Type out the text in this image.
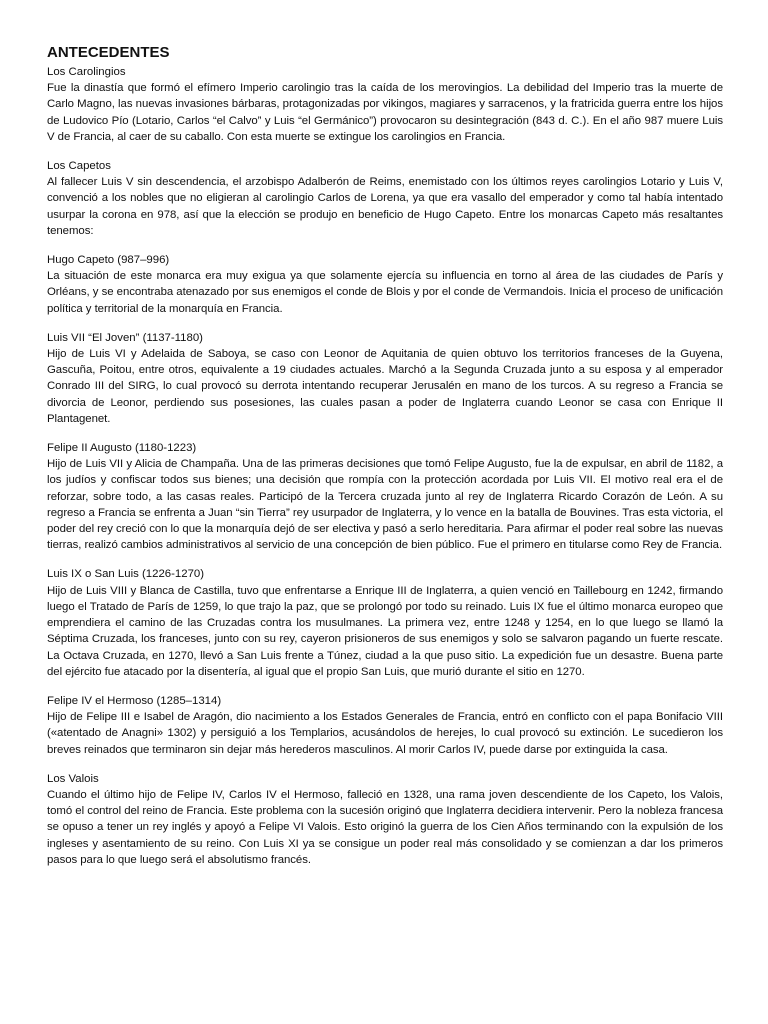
ANTECEDENTES

Los Carolingios

Fue la dinastía que formó el efímero Imperio carolingio tras la caída de los merovingios. La debilidad del Imperio tras la muerte de Carlo Magno, las nuevas invasiones bárbaras, protagonizadas por vikingos, magiares y sarracenos, y la fratricida guerra entre los hijos de Ludovico Pío (Lotario, Carlos “el Calvo” y Luis “el Germánico”) provocaron su desintegración (843 d. C.). En el año 987 muere Luis V de Francia, al caer de su caballo. Con esta muerte se extingue los carolingios en Francia.

Los Capetos

Al fallecer Luis V sin descendencia, el arzobispo Adalberón de Reims, enemistado con los últimos reyes carolingios Lotario y Luis V, convenció a los nobles que no eligieran al carolingio Carlos de Lorena, ya que era vasallo del emperador y como tal había intentado usurpar la corona en 978, así que la elección se produjo en beneficio de Hugo Capeto. Entre los monarcas Capeto más resaltantes tenemos:

Hugo Capeto (987–996)

La situación de este monarca era muy exigua ya que solamente ejercía su influencia en torno al área de las ciudades de París y Orléans, y se encontraba atenazado por sus enemigos el conde de Blois y por el conde de Vermandois. Inicia el proceso de unificación política y territorial de la monarquía en Francia.

Luis VII “El Joven” (1137-1180)

Hijo de Luis VI y Adelaida de Saboya, se caso con Leonor de Aquitania de quien obtuvo los territorios franceses de la Guyena, Gascuña, Poitou, entre otros, equivalente a 19 ciudades actuales. Marchó a la Segunda Cruzada junto a su esposa y al emperador Conrado III del SIRG, lo cual provocó su derrota intentando recuperar Jerusalén en mano de los turcos. A su regreso a Francia se divorcia de Leonor, perdiendo sus posesiones, las cuales pasan a poder de Inglaterra cuando Leonor se casa con Enrique II Plantagenet.

Felipe II Augusto (1180-1223)

Hijo de Luis VII y Alicia de Champaña. Una de las primeras decisiones que tomó Felipe Augusto, fue la de expulsar, en abril de 1182, a los judíos y confiscar todos sus bienes; una decisión que rompía con la protección acordada por Luis VII. El motivo real era el de reforzar, sobre todo, a las casas reales. Participó de la Tercera cruzada junto al rey de Inglaterra Ricardo Corazón de León. A su regreso a Francia se enfrenta a Juan “sin Tierra” rey usurpador de Inglaterra, y lo vence en la batalla de Bouvines. Tras esta victoria, el poder del rey creció con lo que la monarquía dejó de ser electiva y pasó a serlo hereditaria. Para afirmar el poder real sobre las nuevas tierras, realizó cambios administrativos al servicio de una concepción de bien público. Fue el primero en titularse como Rey de Francia.

Luis IX o San Luis (1226-1270)

Hijo de Luis VIII y Blanca de Castilla, tuvo que enfrentarse a Enrique III de Inglaterra, a quien venció en Taillebourg en 1242, firmando luego el Tratado de París de 1259, lo que trajo la paz, que se prolongó por todo su reinado. Luis IX fue el último monarca europeo que emprendiera el camino de las Cruzadas contra los musulmanes. La primera vez, entre 1248 y 1254, en lo que luego se llamó la Séptima Cruzada, los franceses, junto con su rey, cayeron prisioneros de sus enemigos y solo se salvaron pagando un fuerte rescate. La Octava Cruzada, en 1270, llevó a San Luis frente a Túnez, ciudad a la que puso sitio. La expedición fue un desastre. Buena parte del ejército fue atacado por la disentería, al igual que el propio San Luis, que murió durante el sitio en 1270.

Felipe IV el Hermoso (1285–1314)

Hijo de Felipe III e Isabel de Aragón, dio nacimiento a los Estados Generales de Francia, entró en conflicto con el papa Bonifacio VIII («atentado de Anagni» 1302) y persiguió a los Templarios, acusándolos de herejes, lo cual provocó su extinción. Le sucedieron los breves reinados que terminaron sin dejar más herederos masculinos. Al morir Carlos IV, puede darse por extinguida la casa.

Los Valois

Cuando el último hijo de Felipe IV, Carlos IV el Hermoso, falleció en 1328, una rama joven descendiente de los Capeto, los Valois, tomó el control del reino de Francia. Este problema con la sucesión originó que Inglaterra decidiera intervenir. Pero la nobleza francesa se opuso a tener un rey inglés y apoyó a Felipe VI Valois. Esto originó la guerra de los Cien Años terminando con la expulsión de los ingleses y asentamiento de su reino. Con Luis XI ya se consigue un poder real más consolidado y se comienzan a dar los primeros pasos para lo que luego será el absolutismo francés.
